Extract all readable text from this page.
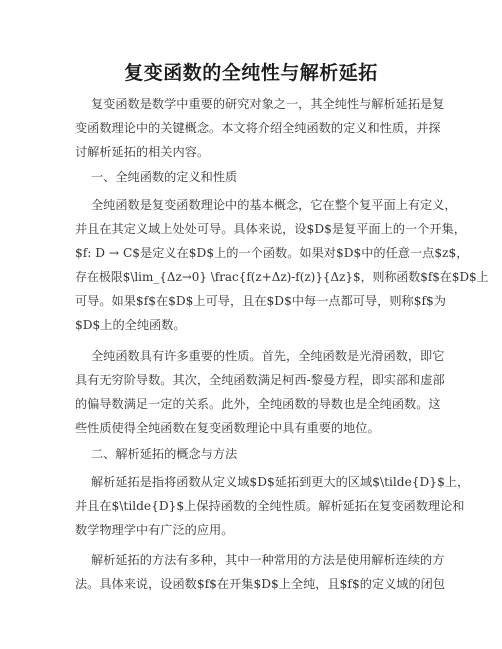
复变函数的全纯性与解析延拓
复变函数是数学中重要的研究对象之一，其全纯性与解析延拓是复
变函数理论中的关键概念。本文将介绍全纯函数的定义和性质，并探
讨解析延拓的相关内容。
一、全纯函数的定义和性质
全纯函数是复变函数理论中的基本概念，它在整个复平面上有定义，
并且在其定义域上处处可导。具体来说，设$D$是复平面上的一个开集，
$f: D → C$是定义在$D$上的一个函数。如果对$D$中的任意一点$z$，
存在极限$\lim_{Δz→0} \frac{f(z+Δz)-f(z)}{Δz}$，则称函数$f$在$D$上
可导。如果$f$在$D$上可导，且在$D$中每一点都可导，则称$f$为
$D$上的全纯函数。
全纯函数具有许多重要的性质。首先，全纯函数是光滑函数，即它
具有无穷阶导数。其次，全纯函数满足柯西-黎曼方程，即实部和虚部
的偏导数满足一定的关系。此外，全纯函数的导数也是全纯函数。这
些性质使得全纯函数在复变函数理论中具有重要的地位。
二、解析延拓的概念与方法
解析延拓是指将函数从定义域$D$延拓到更大的区域$\tilde{D}$上，
并且在$\tilde{D}$上保持函数的全纯性质。解析延拓在复变函数理论和
数学物理学中有广泛的应用。
解析延拓的方法有多种，其中一种常用的方法是使用解析连续的方
法。具体来说，设函数$f$在开集$D$上全纯，且$f$的定义域的闭包
